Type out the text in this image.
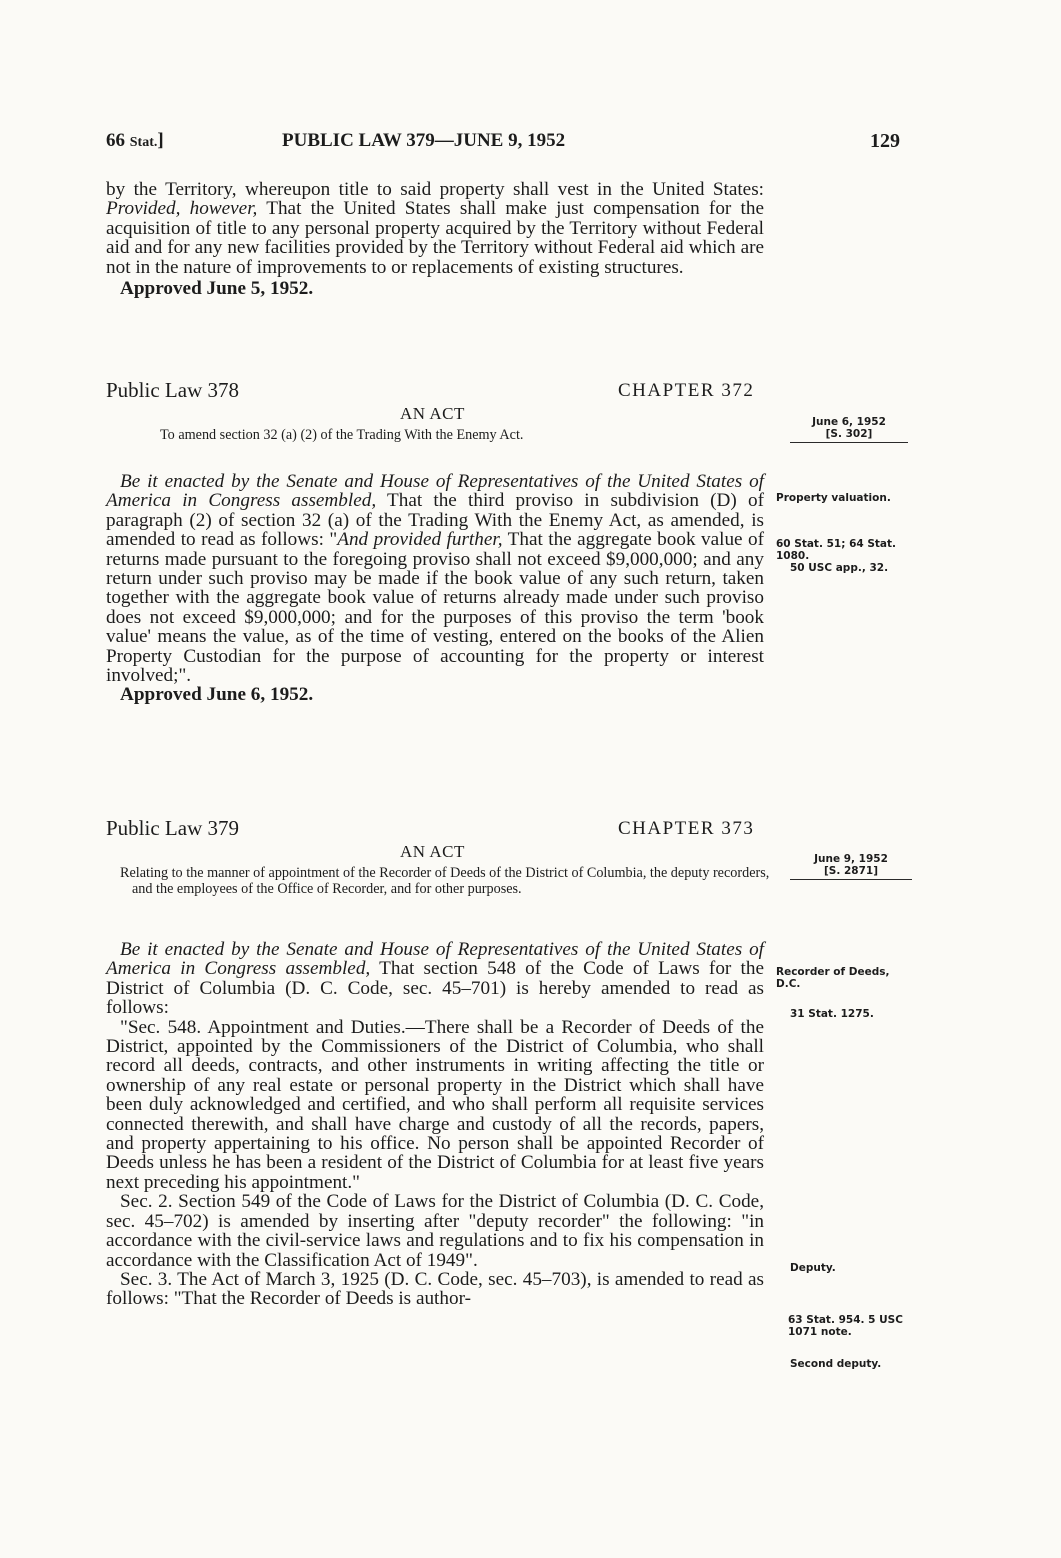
66 Stat.]	PUBLIC LAW 379—JUNE 9, 1952	129

by the Territory, whereupon title to said property shall vest in the United States: Provided, however, That the United States shall make just compensation for the acquisition of title to any personal property acquired by the Territory without Federal aid and for any new facilities provided by the Territory without Federal aid which are not in the nature of improvements to or replacements of existing structures.

Approved June 5, 1952.

Public Law 378	CHAPTER 372
AN ACT
To amend section 32 (a) (2) of the Trading With the Enemy Act.
June 6, 1952
[S. 302]

Be it enacted by the Senate and House of Representatives of the United States of America in Congress assembled, That the third proviso in subdivision (D) of paragraph (2) of section 32 (a) of the Trading With the Enemy Act, as amended, is amended to read as follows: "And provided further, That the aggregate book value of returns made pursuant to the foregoing proviso shall not exceed $9,000,000; and any return under such proviso may be made if the book value of any such return, taken together with the aggregate book value of returns already made under such proviso does not exceed $9,000,000; and for the purposes of this proviso the term 'book value' means the value, as of the time of vesting, entered on the books of the Alien Property Custodian for the purpose of accounting for the property or interest involved;".

Approved June 6, 1952.

Property valuation.
60 Stat. 51; 64 Stat. 1080.
50 USC app., 32.
Public Law 379	CHAPTER 373
AN ACT
Relating to the manner of appointment of the Recorder of Deeds of the District of Columbia, the deputy recorders, and the employees of the Office of Recorder, and for other purposes.
June 9, 1952
[S. 2871]

Be it enacted by the Senate and House of Representatives of the United States of America in Congress assembled, That section 548 of the Code of Laws for the District of Columbia (D. C. Code, sec. 45–701) is hereby amended to read as follows:

"Sec. 548. Appointment and Duties.—There shall be a Recorder of Deeds of the District, appointed by the Commissioners of the District of Columbia, who shall record all deeds, contracts, and other instruments in writing affecting the title or ownership of any real estate or personal property in the District which shall have been duly acknowledged and certified, and who shall perform all requisite services connected therewith, and shall have charge and custody of all the records, papers, and property appertaining to his office. No person shall be appointed Recorder of Deeds unless he has been a resident of the District of Columbia for at least five years next preceding his appointment."

Sec. 2. Section 549 of the Code of Laws for the District of Columbia (D. C. Code, sec. 45–702) is amended by inserting after "deputy recorder" the following: "in accordance with the civil-service laws and regulations and to fix his compensation in accordance with the Classification Act of 1949".

Sec. 3. The Act of March 3, 1925 (D. C. Code, sec. 45–703), is amended to read as follows: "That the Recorder of Deeds is author-

Recorder of Deeds, D.C.
31 Stat. 1275.
Deputy.
63 Stat. 954. 5 USC 1071 note.
Second deputy.
